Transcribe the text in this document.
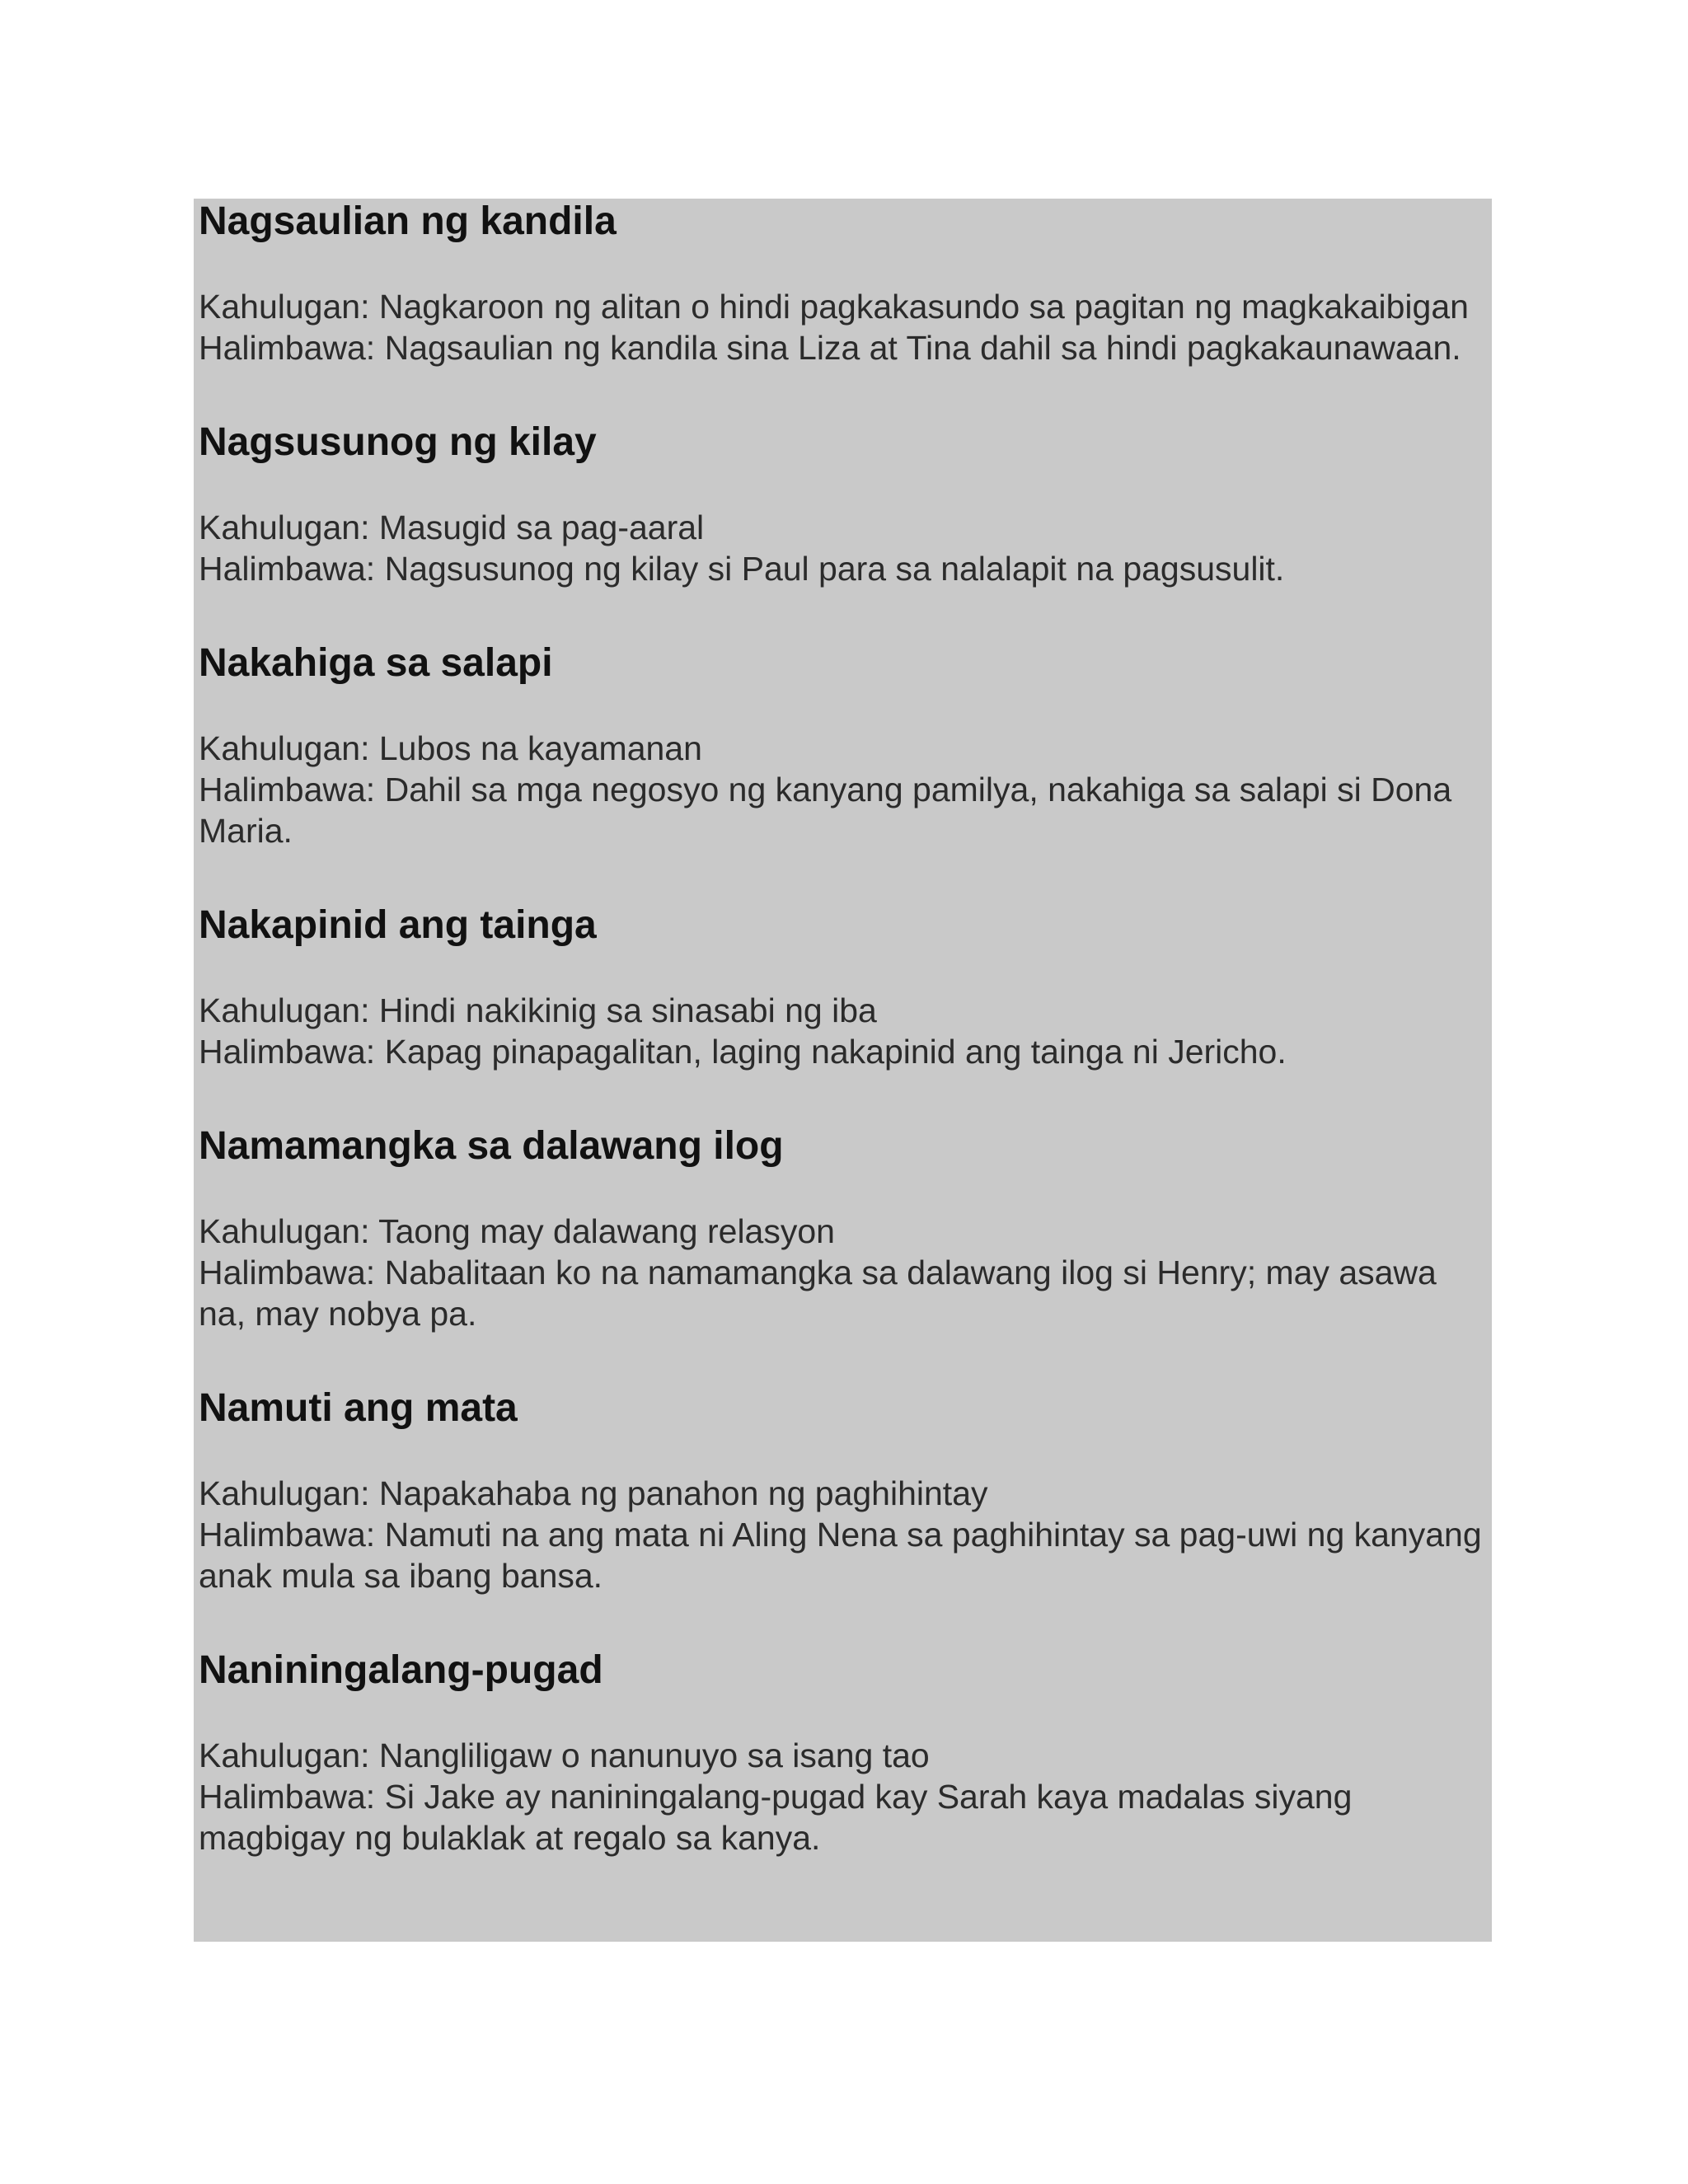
Nagsaulian ng kandila

Kahulugan: Nagkaroon ng alitan o hindi pagkakasundo sa pagitan ng magkakaibigan

Halimbawa: Nagsaulian ng kandila sina Liza at Tina dahil sa hindi pagkakaunawaan.

Nagsusunog ng kilay

Kahulugan: Masugid sa pag-aaral

Halimbawa: Nagsusunog ng kilay si Paul para sa nalalapit na pagsusulit.

Nakahiga sa salapi

Kahulugan: Lubos na kayamanan

Halimbawa: Dahil sa mga negosyo ng kanyang pamilya, nakahiga sa salapi si Dona Maria.

Nakapinid ang tainga

Kahulugan: Hindi nakikinig sa sinasabi ng iba

Halimbawa: Kapag pinapagalitan, laging nakapinid ang tainga ni Jericho.

Namamangka sa dalawang ilog

Kahulugan: Taong may dalawang relasyon

Halimbawa: Nabalitaan ko na namamangka sa dalawang ilog si Henry; may asawa na, may nobya pa.

Namuti ang mata

Kahulugan: Napakahaba ng panahon ng paghihintay

Halimbawa: Namuti na ang mata ni Aling Nena sa paghihintay sa pag-uwi ng kanyang anak mula sa ibang bansa.

Naniningalang-pugad

Kahulugan: Nangliligaw o nanunuyo sa isang tao

Halimbawa: Si Jake ay naniningalang-pugad kay Sarah kaya madalas siyang magbigay ng bulaklak at regalo sa kanya.
